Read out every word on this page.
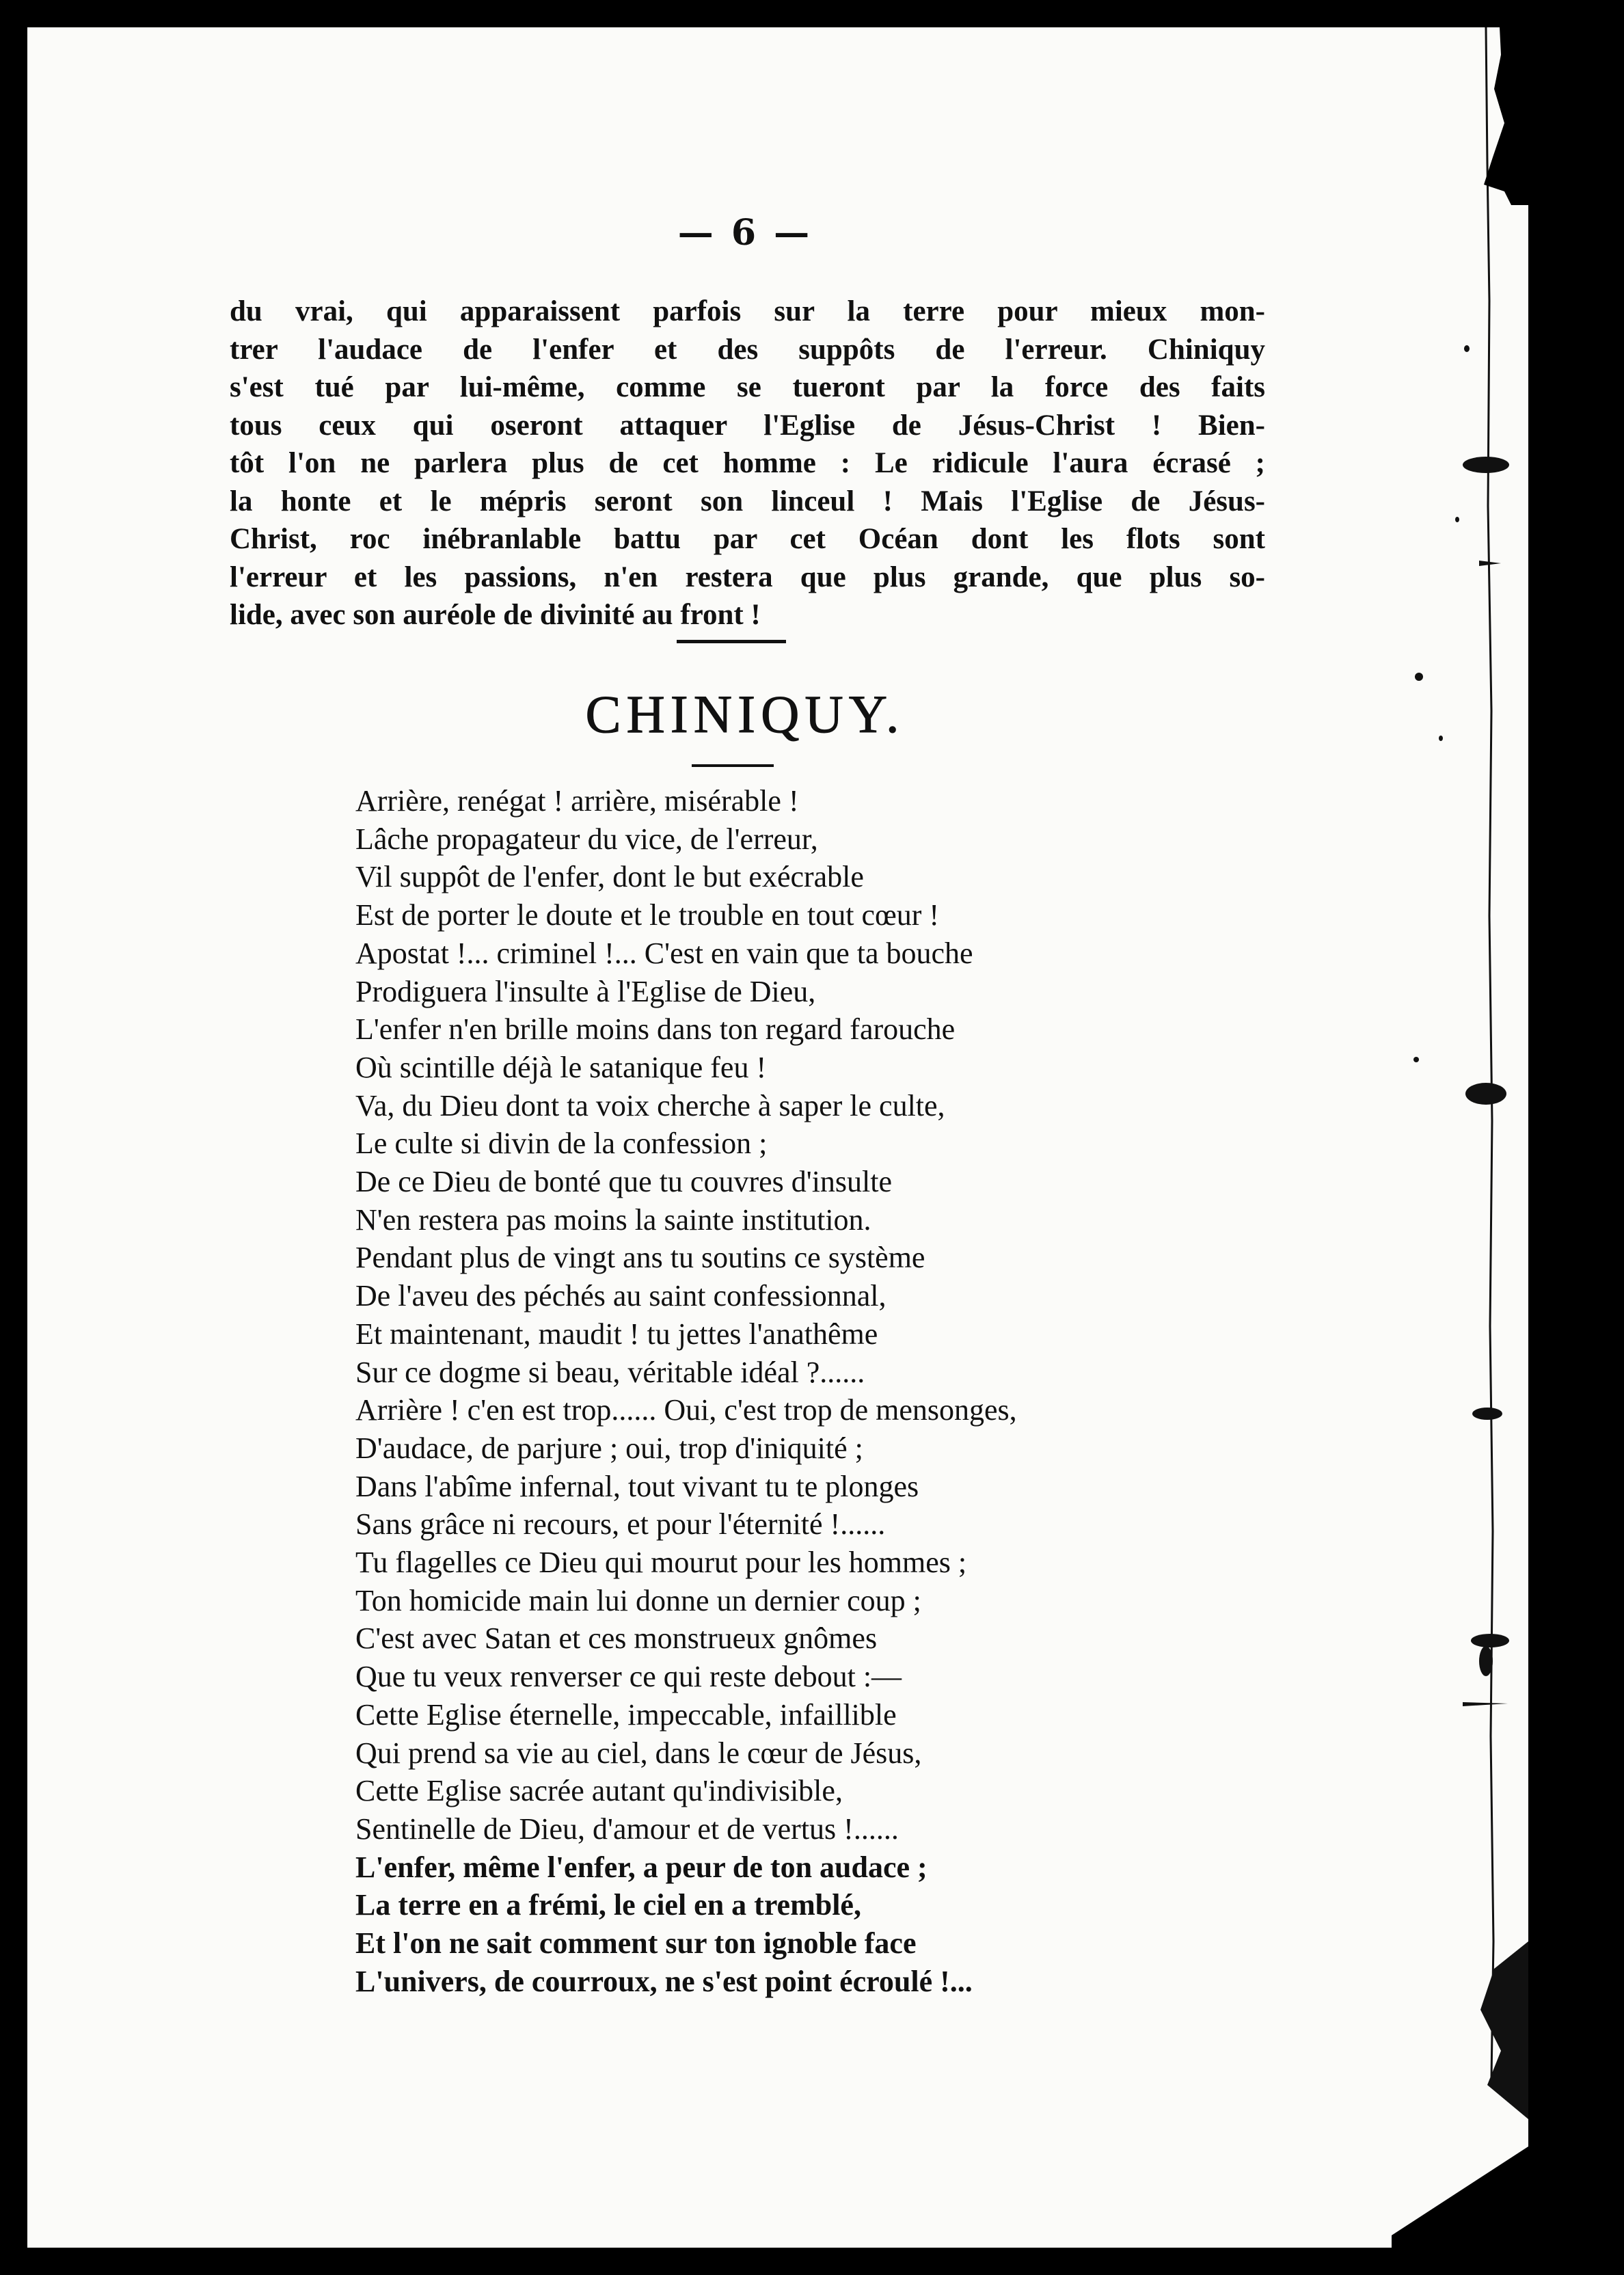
— 6 —
du vrai, qui apparaissent parfois sur la terre pour mieux mon-
trer l'audace de l'enfer et des suppôts de l'erreur. Chiniquy
s'est tué par lui-même, comme se tueront par la force des faits
tous ceux qui oseront attaquer l'Eglise de Jésus-Christ ! Bien-
tôt l'on ne parlera plus de cet homme : Le ridicule l'aura écrasé ;
la honte et le mépris seront son linceul ! Mais l'Eglise de Jésus-
Christ, roc inébranlable battu par cet Océan dont les flots sont
l'erreur et les passions, n'en restera que plus grande, que plus so-
lide, avec son auréole de divinité au front !
CHINIQUY.
Arrière, renégat ! arrière, misérable !
Lâche propagateur du vice, de l'erreur,
Vil suppôt de l'enfer, dont le but exécrable
Est de porter le doute et le trouble en tout cœur !
Apostat !... criminel !... C'est en vain que ta bouche
Prodiguera l'insulte à l'Eglise de Dieu,
L'enfer n'en brille moins dans ton regard farouche
Où scintille déjà le satanique feu !
Va, du Dieu dont ta voix cherche à saper le culte,
Le culte si divin de la confession ;
De ce Dieu de bonté que tu couvres d'insulte
N'en restera pas moins la sainte institution.
Pendant plus de vingt ans tu soutins ce système
De l'aveu des péchés au saint confessionnal,
Et maintenant, maudit ! tu jettes l'anathême
Sur ce dogme si beau, véritable idéal ?......
Arrière ! c'en est trop...... Oui, c'est trop de mensonges,
D'audace, de parjure ; oui, trop d'iniquité ;
Dans l'abîme infernal, tout vivant tu te plonges
Sans grâce ni recours, et pour l'éternité !......
Tu flagelles ce Dieu qui mourut pour les hommes ;
Ton homicide main lui donne un dernier coup ;
C'est avec Satan et ces monstrueux gnômes
Que tu veux renverser ce qui reste debout :—
Cette Eglise éternelle, impeccable, infaillible
Qui prend sa vie au ciel, dans le cœur de Jésus,
Cette Eglise sacrée autant qu'indivisible,
Sentinelle de Dieu, d'amour et de vertus !......
L'enfer, même l'enfer, a peur de ton audace ;
La terre en a frémi, le ciel en a tremblé,
Et l'on ne sait comment sur ton ignoble face
L'univers, de courroux, ne s'est point écroulé !...
